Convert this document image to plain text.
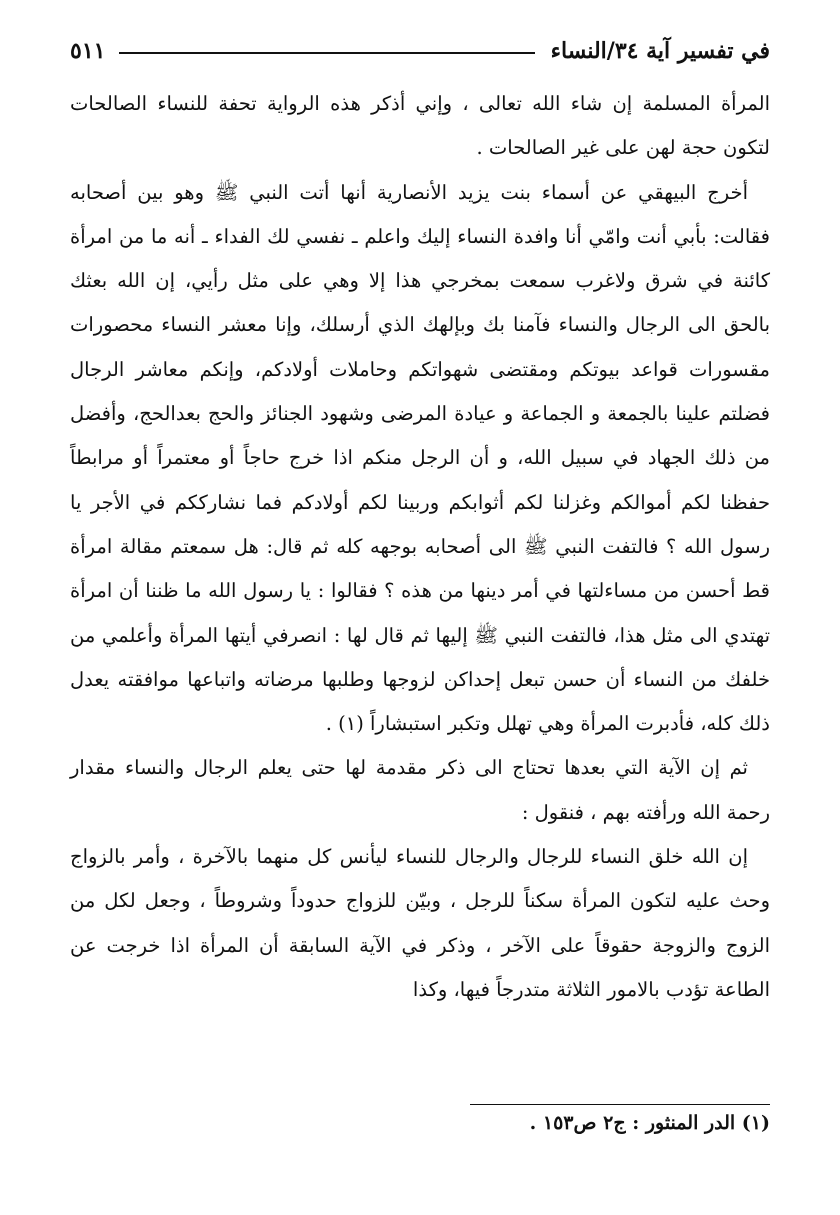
في تفسير آية ٣٤/النساء
٥١١

المرأة المسلمة إن شاء الله تعالى ، وإني أذكر هذه الرواية تحفة للنساء الصالحات لتكون حجة لهن على غير الصالحات .

أخرج البيهقي عن أسماء بنت يزيد الأنصارية أنها أتت النبي ﷺ وهو بين أصحابه فقالت: بأبي أنت وامّي أنا وافدة النساء إليك واعلم ـ نفسي لك الفداء ـ أنه ما من امرأة كائنة في شرق ولاغرب سمعت بمخرجي هذا إلا وهي على مثل رأيي، إن الله بعثك بالحق الى الرجال والنساء فآمنا بك وبإلهك الذي أرسلك، وإنا معشر النساء محصورات مقسورات قواعد بيوتكم ومقتضى شهواتكم وحاملات أولادكم، وإنكم معاشر الرجال فضلتم علينا بالجمعة و الجماعة و عيادة المرضى وشهود الجنائز والحج بعدالحج، وأفضل من ذلك الجهاد في سبيل الله، و أن الرجل منكم اذا خرج حاجاً أو معتمراً أو مرابطاً حفظنا لكم أموالكم وغزلنا لكم أثوابكم وربينا لكم أولادكم فما نشارككم في الأجر يا رسول الله ؟ فالتفت النبي ﷺ الى أصحابه بوجهه كله ثم قال: هل سمعتم مقالة امرأة قط أحسن من مساءلتها في أمر دينها من هذه ؟ فقالوا : يا رسول الله ما ظننا أن امرأة تهتدي الى مثل هذا، فالتفت النبي ﷺ إليها ثم قال لها : انصرفي أيتها المرأة وأعلمي من خلفك من النساء أن حسن تبعل إحداكن لزوجها وطلبها مرضاته واتباعها موافقته يعدل ذلك كله، فأدبرت المرأة وهي تهلل وتكبر استبشاراً (١) .

ثم إن الآية التي بعدها تحتاج الى ذكر مقدمة لها حتى يعلم الرجال والنساء مقدار رحمة الله ورأفته بهم ، فنقول :

إن الله خلق النساء للرجال والرجال للنساء ليأنس كل منهما بالآخرة ، وأمر بالزواج وحث عليه لتكون المرأة سكناً للرجل ، وبيّن للزواج حدوداً وشروطاً ، وجعل لكل من الزوج والزوجة حقوقاً على الآخر ، وذكر في الآية السابقة أن المرأة اذا خرجت عن الطاعة تؤدب بالامور الثلاثة متدرجاً فيها، وكذا

(١) الدر المنثور : ج٢ ص١٥٣ .
